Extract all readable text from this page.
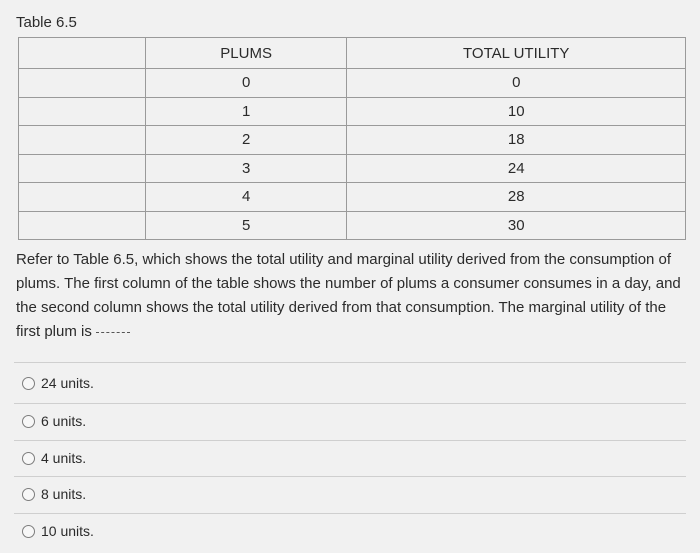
Table 6.5
	PLUMS	TOTAL UTILITY
	0	0
	1	10
	2	18
	3	24
	4	28
	5	30
Refer to Table 6.5, which shows the total utility and marginal utility derived from the consumption of plums. The first column of the table shows the number of plums a consumer consumes in a day, and the second column shows the total utility derived from that consumption. The marginal utility of the first plum is
24 units.
6 units.
4 units.
8 units.
10 units.
